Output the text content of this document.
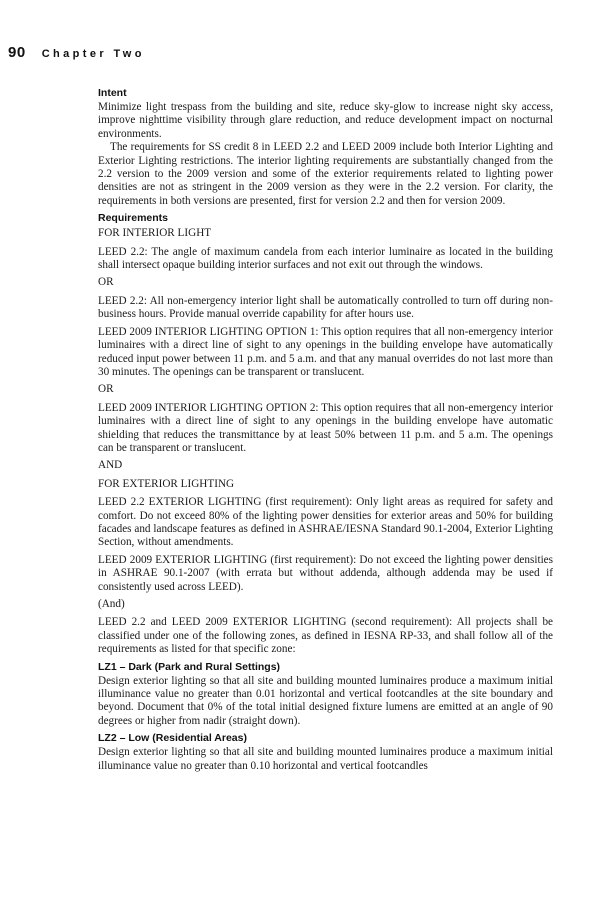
90 Chapter Two
Intent

Minimize light trespass from the building and site, reduce sky-glow to increase night sky access, improve nighttime visibility through glare reduction, and reduce development impact on nocturnal environments.

The requirements for SS credit 8 in LEED 2.2 and LEED 2009 include both Interior Lighting and Exterior Lighting restrictions. The interior lighting requirements are substantially changed from the 2.2 version to the 2009 version and some of the exterior requirements related to lighting power densities are not as stringent in the 2009 version as they were in the 2.2 version. For clarity, the requirements in both versions are presented, first for version 2.2 and then for version 2009.

Requirements

FOR INTERIOR LIGHT

LEED 2.2: The angle of maximum candela from each interior luminaire as located in the building shall intersect opaque building interior surfaces and not exit out through the windows.

OR

LEED 2.2: All non-emergency interior light shall be automatically controlled to turn off during non-business hours. Provide manual override capability for after hours use.

LEED 2009 INTERIOR LIGHTING OPTION 1: This option requires that all non-emergency interior luminaires with a direct line of sight to any openings in the building envelope have automatically reduced input power between 11 p.m. and 5 a.m. and that any manual overrides do not last more than 30 minutes. The openings can be transparent or translucent.

OR

LEED 2009 INTERIOR LIGHTING OPTION 2: This option requires that all non-emergency interior luminaires with a direct line of sight to any openings in the building envelope have automatic shielding that reduces the transmittance by at least 50% between 11 p.m. and 5 a.m. The openings can be transparent or translucent.

AND

FOR EXTERIOR LIGHTING

LEED 2.2 EXTERIOR LIGHTING (first requirement): Only light areas as required for safety and comfort. Do not exceed 80% of the lighting power densities for exterior areas and 50% for building facades and landscape features as defined in ASHRAE/IESNA Standard 90.1-2004, Exterior Lighting Section, without amendments.

LEED 2009 EXTERIOR LIGHTING (first requirement): Do not exceed the lighting power densities in ASHRAE 90.1-2007 (with errata but without addenda, although addenda may be used if consistently used across LEED).

(And)

LEED 2.2 and LEED 2009 EXTERIOR LIGHTING (second requirement): All projects shall be classified under one of the following zones, as defined in IESNA RP-33, and shall follow all of the requirements as listed for that specific zone:

LZ1 – Dark (Park and Rural Settings)

Design exterior lighting so that all site and building mounted luminaires produce a maximum initial illuminance value no greater than 0.01 horizontal and vertical footcandles at the site boundary and beyond. Document that 0% of the total initial designed fixture lumens are emitted at an angle of 90 degrees or higher from nadir (straight down).

LZ2 – Low (Residential Areas)

Design exterior lighting so that all site and building mounted luminaires produce a maximum initial illuminance value no greater than 0.10 horizontal and vertical footcandles
